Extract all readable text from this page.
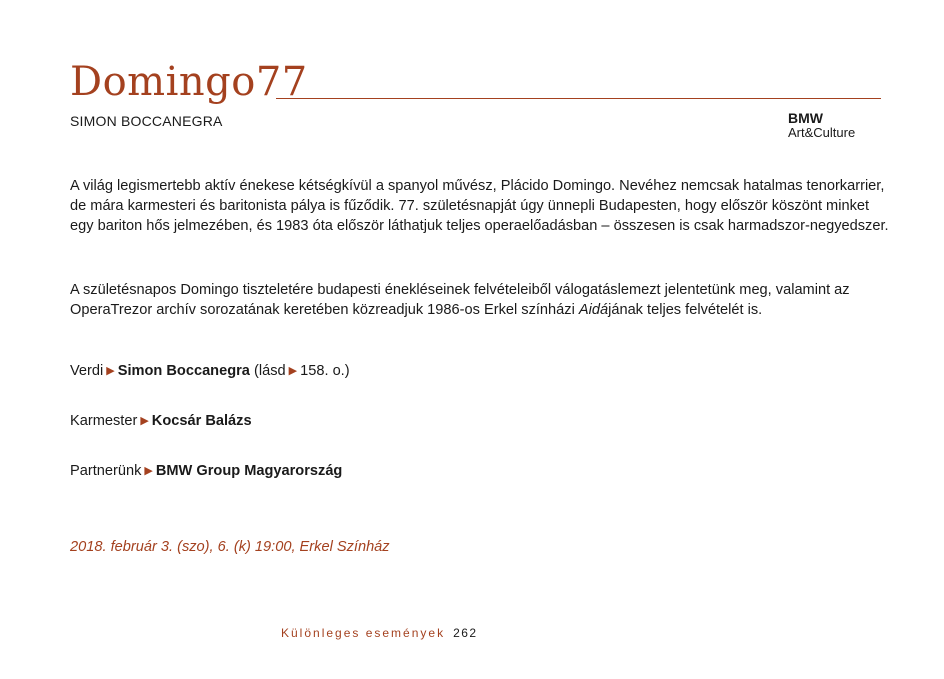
Domingo77
SIMON BOCCANEGRA	BMW
Art&Culture
A világ legismertebb aktív énekese kétségkívül a spanyol művész, Plácido Domingo. Nevéhez nemcsak hatalmas tenorkarrier, de mára karmesteri és baritonista pálya is fűződik. 77. születésnapját úgy ünnepli Budapesten, hogy először köszönt minket egy bariton hős jelmezében, és 1983 óta először láthatjuk teljes operaelőadásban – összesen is csak harmadszor-negyedszer.
A születésnapos Domingo tiszteletére budapesti énekléseinek felvételeiből válogatáslemezt jelentetünk meg, valamint az OperaTrezor archív sorozatának keretében közreadjuk 1986-os Erkel színházi Aidájának teljes felvételét is.
Verdi ▶ Simon Boccanegra (lásd ▶ 158. o.)
Karmester ▶ Kocsár Balázs
Partnerünk ▶ BMW Group Magyarország
2018. február 3. (szo), 6. (k) 19:00, Erkel Színház
Különleges események 262
